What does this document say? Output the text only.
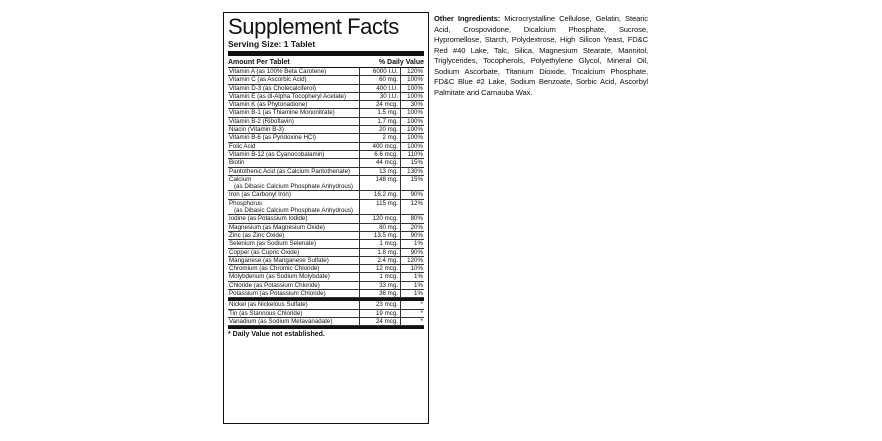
Supplement Facts
Serving Size: 1 Tablet
Amount Per Tablet	% Daily Value
Vitamin A (as 100% Beta Carotene)	6000 I.U.	120%
Vitamin C (as Ascorbic Acid)	60 mg.	100%
Vitamin D-3 (as Cholecalciferol)	400 I.U.	100%
Vitamin E (as dl-Alpha Tocopheryl Acetate)	30 I.U.	100%
Vitamin K (as Phytonadione)	24 mcg.	30%
Vitamin B-1 (as Thiamine Mononitrate)	1.5 mg.	100%
Vitamin B-2 (Riboflavin)	1.7 mg.	100%
Niacin (Vitamin B-3)	20 mg.	100%
Vitamin B-6 (as Pyridoxine HCl)	2 mg.	100%
Folic Acid	400 mcg.	100%
Vitamin B-12 (as Cyanocobalamin)	6.6 mcg.	110%
Biotin	44 mcg.	15%
Pantothenic Acid (as Calcium Pantothenate)	13 mg.	130%
Calcium
(as Dibasic Calcium Phosphate Anhydrous)
148 mg.	15%
Iron (as Carbonyl Iron)	16.2 mg.	90%
Phosphorus
(as Dibasic Calcium Phosphate Anhydrous)
115 mg.	12%
Iodine (as Potassium Iodide)	120 mcg.	80%
Magnesium (as Magnesium Oxide)	80 mg.	20%
Zinc (as Zinc Oxide)	13.5 mg.	90%
Selenium (as Sodium Selenate)	1 mcg.	1%
Copper (as Cupric Oxide)	1.8 mg.	90%
Manganese (as Manganese Sulfate)	2.4 mg.	120%
Chromium (as Chromic Chloride)	12 mcg.	10%
Molybdenum (as Sodium Molybdate)	1 mcg.	1%
Chloride (as Potassium Chloride)	33 mg.	1%
Potassium (as Potassium Chloride)	36 mg.	1%
Nickel (as Nickelous Sulfate)	23 mcg.	*
Tin (as Stannous Chloride)	19 mcg.	*
Vanadium (as Sodium Metavanadate)	24 mcg.	*
* Daily Value not established.
Other Ingredients: Microcrystalline Cellulose, Gelatin, Stearic Acid, Crospovidone, Dicalcium Phosphate, Sucrose, Hypromellose, Starch, Polydextrose, High Silicon Yeast, FD&C Red #40 Lake, Talc, Silica, Magnesium Stearate, Mannitol, Triglycerides, Tocopherols, Polyethylene Glycol, Mineral Oil, Sodium Ascorbate, Titanium Dioxide, Tricalcium Phosphate, FD&C Blue #2 Lake, Sodium Benzoate, Sorbic Acid, Ascorbyl Palmitate and Carnauba Wax.
